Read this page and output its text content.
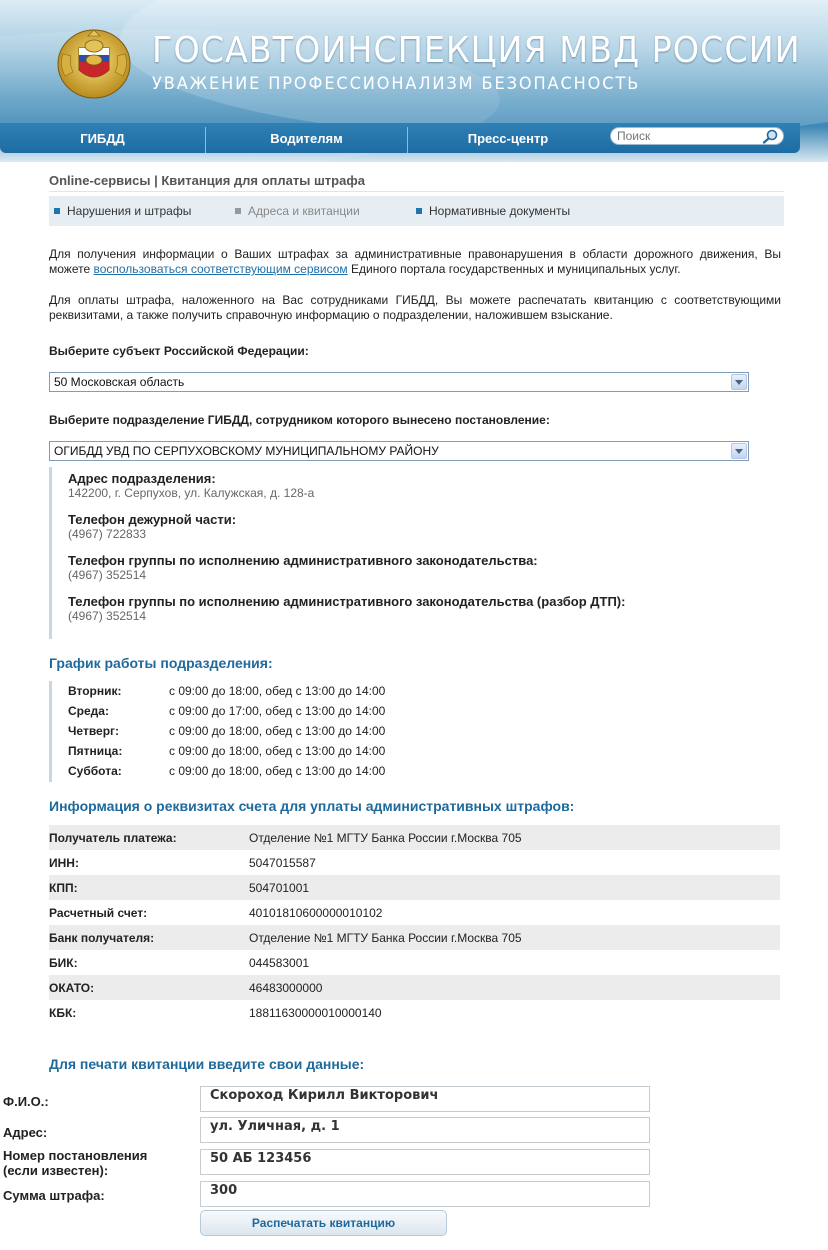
ГОСАВТОИНСПЕКЦИЯ МВД РОССИИ
УВАЖЕНИЕ ПРОФЕССИОНАЛИЗМ БЕЗОПАСНОСТЬ
ГИБДД	Водителям	Пресс-центр
Поиск
Online-сервисы | Квитанция для оплаты штрафа
Нарушения и штрафы	Адреса и квитанции	Нормативные документы

Для получения информации о Ваших штрафах за административные правонарушения в области дорожного движения, Вы можете воспользоваться соответствующим сервисом Единого портала государственных и муниципальных услуг.

Для оплаты штрафа, наложенного на Вас сотрудниками ГИБДД, Вы можете распечатать квитанцию с соответствующими реквизитами, а также получить справочную информацию о подразделении, наложившем взыскание.

Выберите субъект Российской Федерации:
50 Московская область
Выберите подразделение ГИБДД, сотрудником которого вынесено постановление:
ОГИБДД УВД ПО СЕРПУХОВСКОМУ МУНИЦИПАЛЬНОМУ РАЙОНУ
Адрес подразделения:
142200, г. Серпухов, ул. Калужская, д. 128-а
Телефон дежурной части:
(4967) 722833
Телефон группы по исполнению административного законодательства:
(4967) 352514
Телефон группы по исполнению административного законодательства (разбор ДТП):
(4967) 352514
График работы подразделения:
Вторник:	с 09:00 до 18:00, обед с 13:00 до 14:00
Среда:	с 09:00 до 17:00, обед с 13:00 до 14:00
Четверг:	с 09:00 до 18:00, обед с 13:00 до 14:00
Пятница:	с 09:00 до 18:00, обед с 13:00 до 14:00
Суббота:	с 09:00 до 18:00, обед с 13:00 до 14:00
Информация о реквизитах счета для уплаты административных штрафов:
Получатель платежа:	Отделение №1 МГТУ Банка России г.Москва 705
ИНН:	5047015587
КПП:	504701001
Расчетный счет:	40101810600000010102
Банк получателя:	Отделение №1 МГТУ Банка России г.Москва 705
БИК:	044583001
ОКАТО:	46483000000
КБК:	18811630000010000140
Для печати квитанции введите свои данные:
Ф.И.О.:	Скороход Кирилл Викторович
Адрес:	ул. Уличная, д. 1
Номер постановления
(если известен):
50 АБ 123456
Сумма штрафа:	300
Распечатать квитанцию
